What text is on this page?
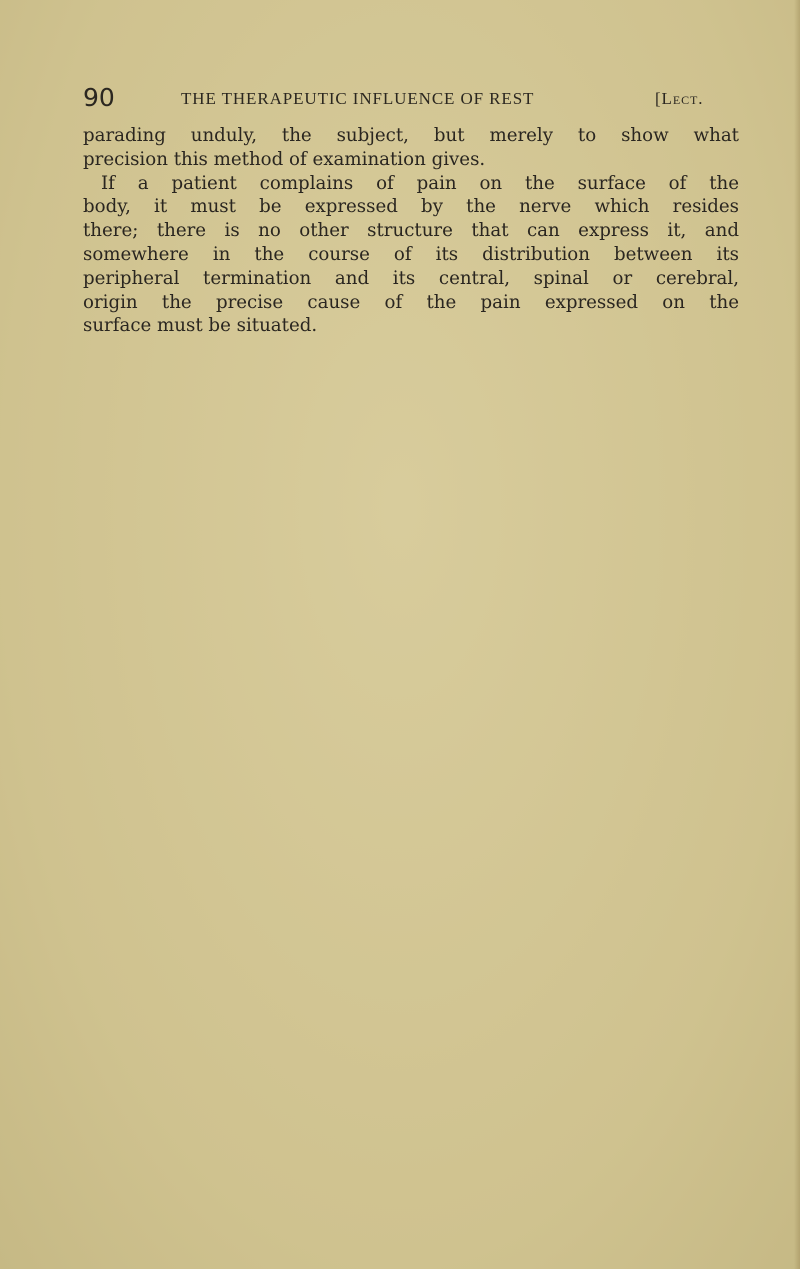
90	THE THERAPEUTIC INFLUENCE OF REST	[Lect.
parading unduly, the subject, but merely to show what
precision this method of examination gives.
If a patient complains of pain on the surface of the
body, it must be expressed by the nerve which resides
there; there is no other structure that can express it, and
somewhere in the course of its distribution between its
peripheral termination and its central, spinal or cerebral,
origin the precise cause of the pain expressed on the
surface must be situated.
